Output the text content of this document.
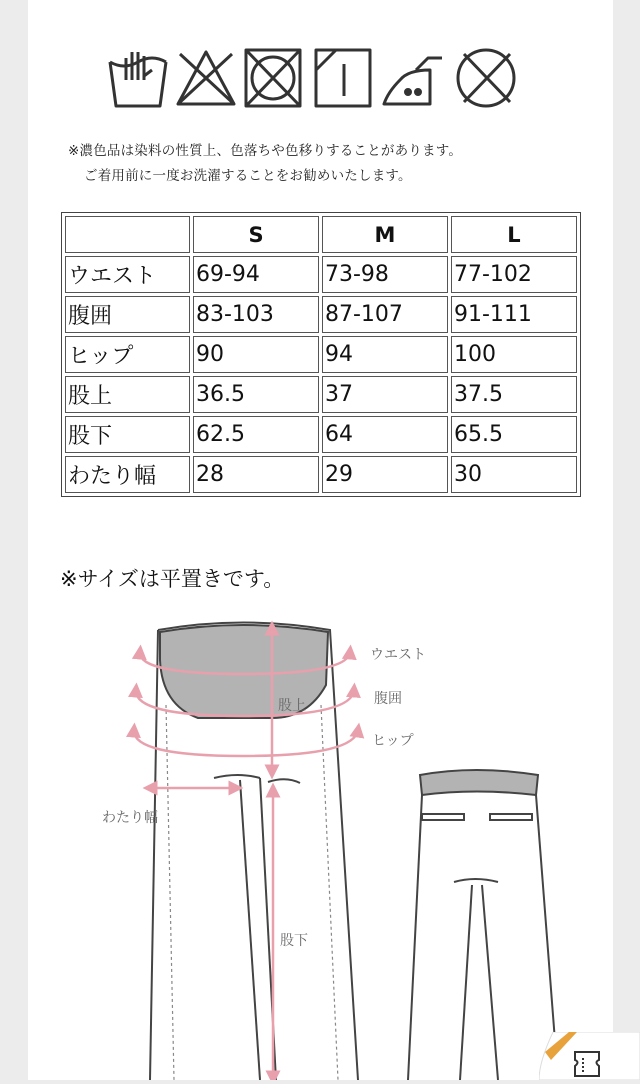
※濃色品は染料の性質上、色落ちや色移りすることがあります。
ご着用前に一度お洗濯することをお勧めいたします。
	S	M	L
ウエスト	69-94	73-98	77-102
腹囲	83-103	87-107	91-111
ヒップ	90	94	100
股上	36.5	37	37.5
股下	62.5	64	65.5
わたり幅	28	29	30
※サイズは平置きです。
ウエスト
腹囲
ヒップ
股上
わたり幅
股下
